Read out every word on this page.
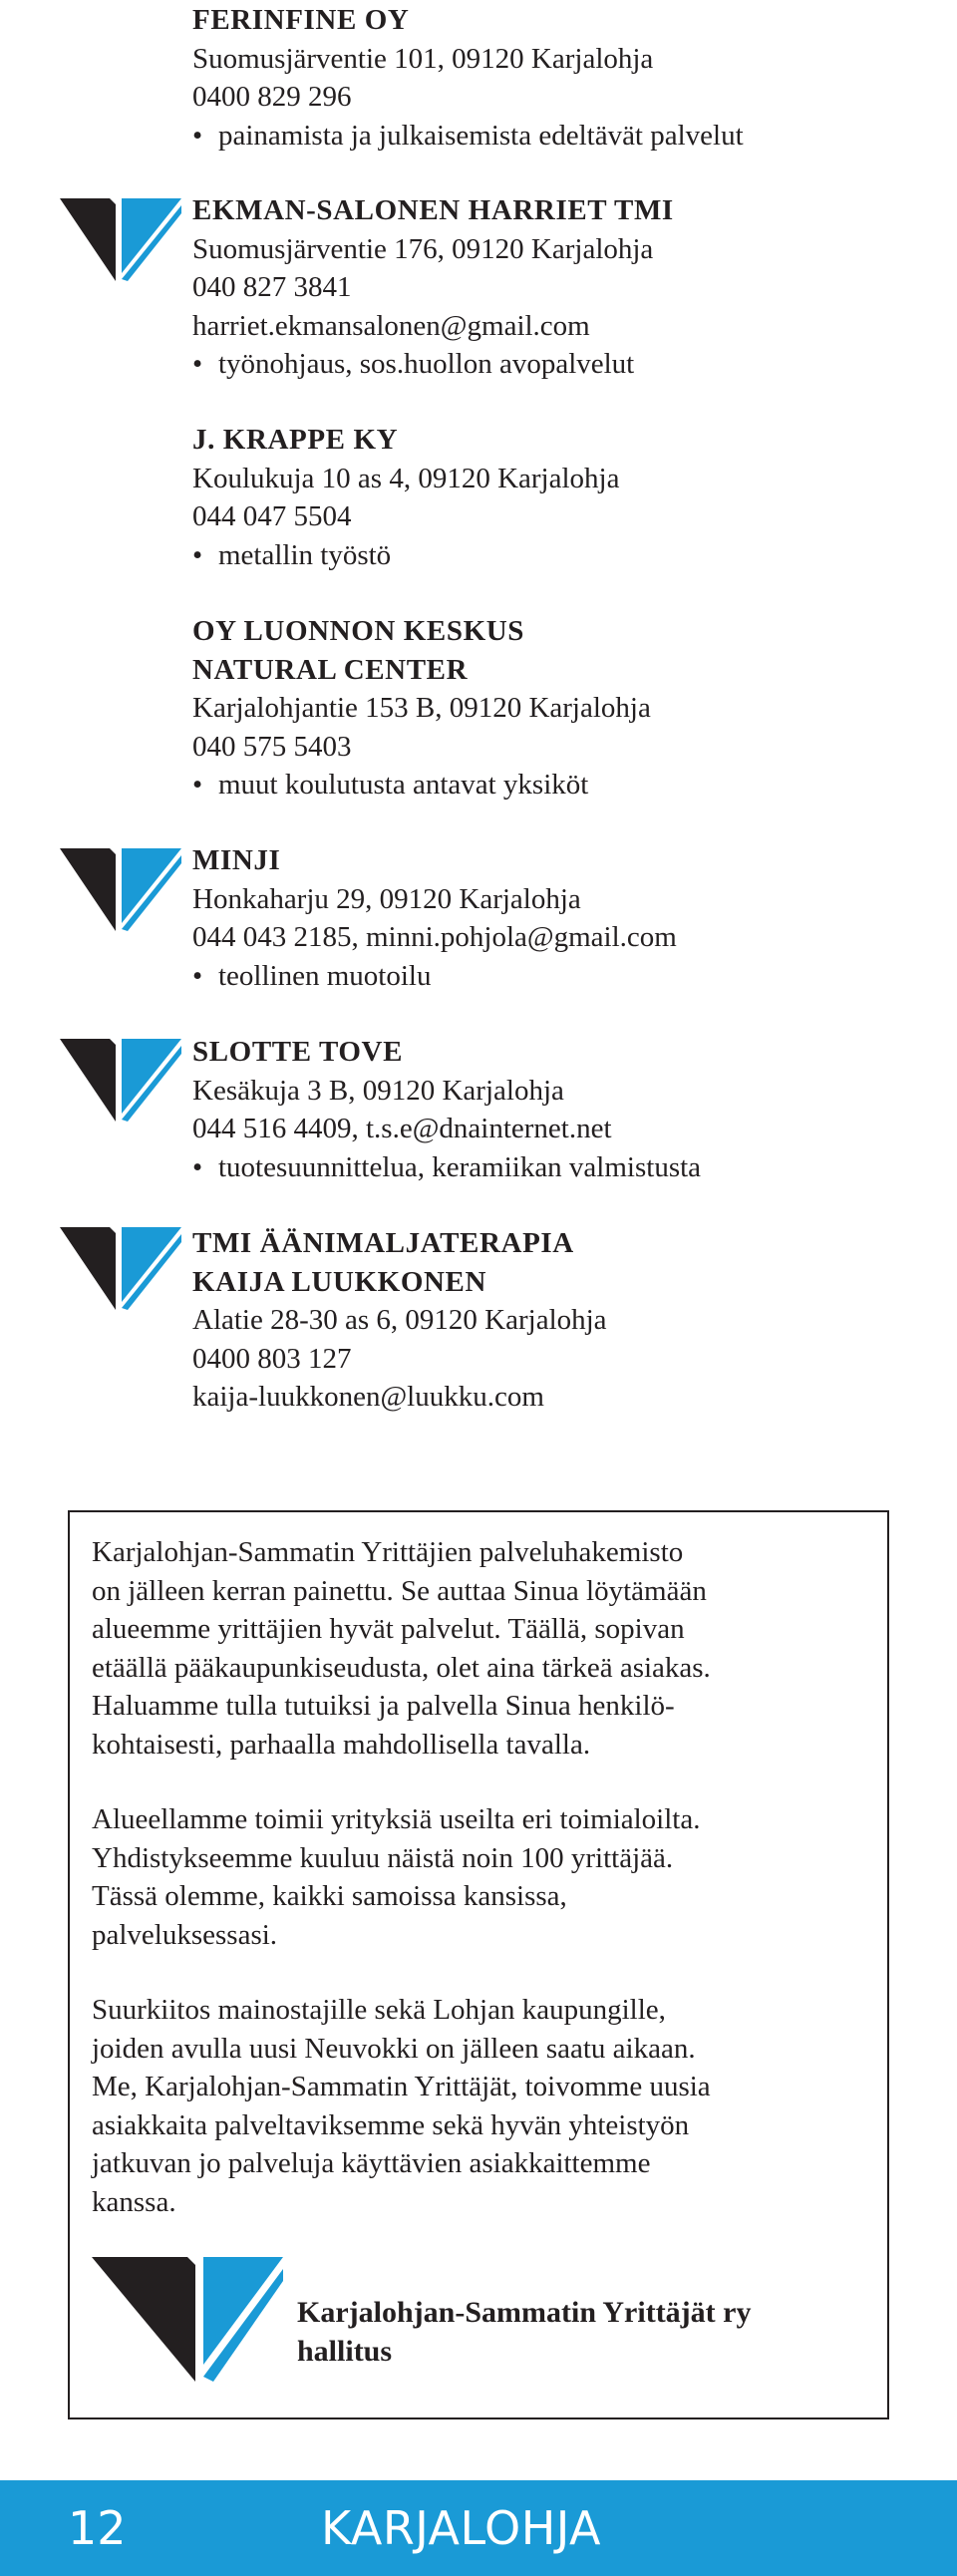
FERINFINE OY
Suomusjärventie 101, 09120 Karjalohja
0400 829 296
• painamista ja julkaisemista edeltävät palvelut
EKMAN-SALONEN HARRIET TMI
Suomusjärventie 176, 09120 Karjalohja
040 827 3841
harriet.ekmansalonen@gmail.com
• työnohjaus, sos.huollon avopalvelut
J. KRAPPE KY
Koulukuja 10 as 4, 09120 Karjalohja
044 047 5504
• metallin työstö
OY LUONNON KESKUS
NATURAL CENTER
Karjalohjantie 153 B, 09120 Karjalohja
040 575 5403
• muut koulutusta antavat yksiköt
MINJI
Honkaharju 29, 09120 Karjalohja
044 043 2185, minni.pohjola@gmail.com
• teollinen muotoilu
SLOTTE TOVE
Kesäkuja 3 B, 09120 Karjalohja
044 516 4409, t.s.e@dnainternet.net
• tuotesuunnittelua, keramiikan valmistusta
TMI ÄÄNIMALJATERAPIA
KAIJA LUUKKONEN
Alatie 28-30 as 6, 09120 Karjalohja
0400 803 127
kaija-luukkonen@luukku.com
Karjalohjan-Sammatin Yrittäjien palveluhakemisto
on jälleen kerran painettu. Se auttaa Sinua löytämään
alueemme yrittäjien hyvät palvelut. Täällä, sopivan
etäällä pääkaupunkiseudusta, olet aina tärkeä asiakas.
Haluamme tulla tutuiksi ja palvella Sinua henkilö-
kohtaisesti, parhaalla mahdollisella tavalla.
Alueellamme toimii yrityksiä useilta eri toimialoilta.
Yhdistykseemme kuuluu näistä noin 100 yrittäjää.
Tässä olemme, kaikki samoissa kansissa,
palveluksessasi.
Suurkiitos mainostajille sekä Lohjan kaupungille,
joiden avulla uusi Neuvokki on jälleen saatu aikaan.
Me, Karjalohjan-Sammatin Yrittäjät, toivomme uusia
asiakkaita palveltaviksemme sekä hyvän yhteistyön
jatkuvan jo palveluja käyttävien asiakkaittemme
kanssa.
Karjalohjan-Sammatin Yrittäjät ry
hallitus
12	KARJALOHJA
